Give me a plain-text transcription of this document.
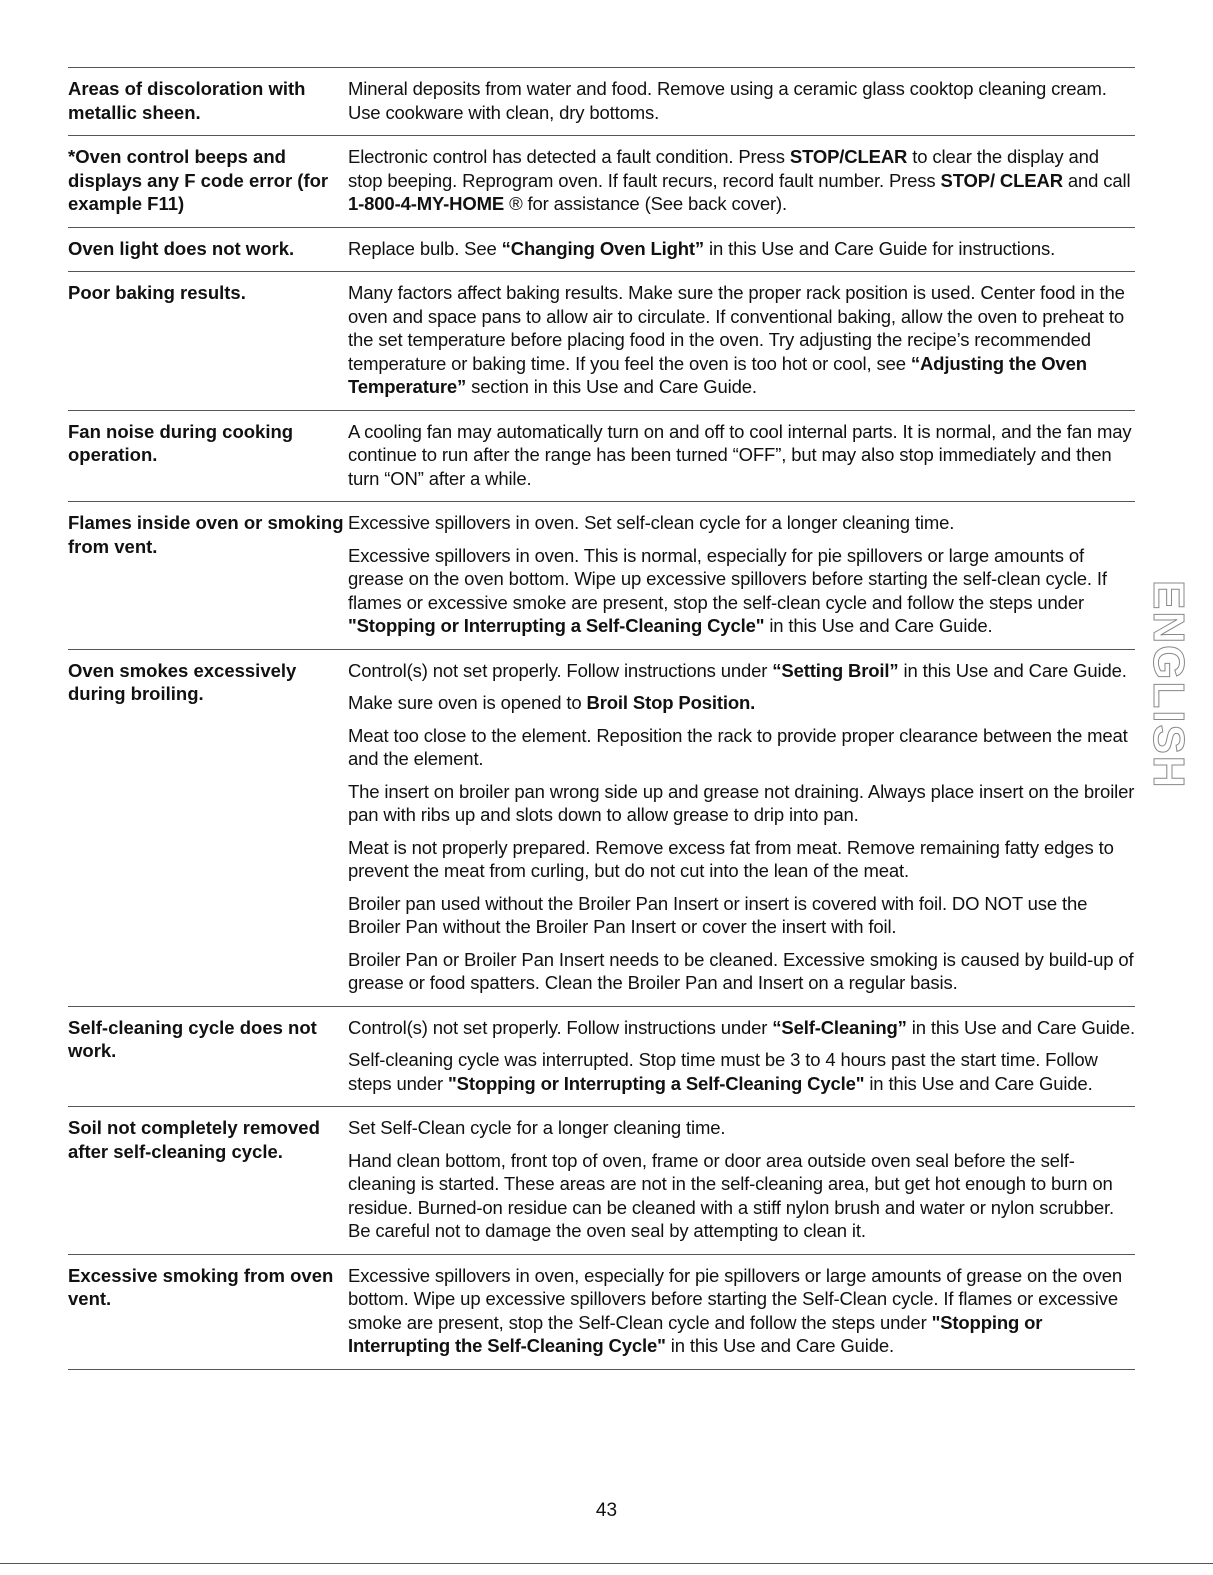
Areas of discoloration with metallic sheen.
Mineral deposits from water and food. Remove using a ceramic glass cooktop cleaning cream. Use cookware with clean, dry bottoms.
*Oven control beeps and displays any F code error (for example F11)
Electronic control has detected a fault condition. Press STOP/CLEAR to clear the display and stop beeping. Reprogram oven. If fault recurs, record fault number. Press STOP/ CLEAR and call 1-800-4-MY-HOME ® for assistance (See back cover).
Oven light does not work.	Replace bulb. See “Changing Oven Light” in this Use and Care Guide for instructions.
Poor baking results.	Many factors affect baking results. Make sure the proper rack position is used. Center food in the oven and space pans to allow air to circulate. If conventional baking, allow the oven to preheat to the set temperature before placing food in the oven. Try adjusting the recipe’s recommended temperature or baking time. If you feel the oven is too hot or cool, see “Adjusting the Oven Temperature” section in this Use and Care Guide.
Fan noise during cooking operation.
A cooling fan may automatically turn on and off to cool internal parts. It is normal, and the fan may continue to run after the range has been turned “OFF”, but may also stop immediately and then turn “ON” after a while.
Flames inside oven or smoking from vent.
Excessive spillovers in oven. Set self-clean cycle for a longer cleaning time.
Excessive spillovers in oven. This is normal, especially for pie spillovers or large amounts of grease on the oven bottom. Wipe up excessive spillovers before starting the self-clean cycle. If flames or excessive smoke are present, stop the self-clean cycle and follow the steps under "Stopping or Interrupting a Self-Cleaning Cycle" in this Use and Care Guide.
Oven smokes excessively during broiling.
Control(s) not set properly. Follow instructions under “Setting Broil” in this Use and Care Guide.
Make sure oven is opened to Broil Stop Position.
Meat too close to the element. Reposition the rack to provide proper clearance between the meat and the element.
The insert on broiler pan wrong side up and grease not draining. Always place insert on the broiler pan with ribs up and slots down to allow grease to drip into pan.
Meat is not properly prepared. Remove excess fat from meat. Remove remaining fatty edges to prevent the meat from curling, but do not cut into the lean of the meat.
Broiler pan used without the Broiler Pan Insert or insert is covered with foil. DO NOT use the Broiler Pan without the Broiler Pan Insert or cover the insert with foil.
Broiler Pan or Broiler Pan Insert needs to be cleaned. Excessive smoking is caused by build-up of grease or food spatters. Clean the Broiler Pan and Insert on a regular basis.
Self-cleaning cycle does not work.
Control(s) not set properly. Follow instructions under “Self-Cleaning” in this Use and Care Guide.
Self-cleaning cycle was interrupted. Stop time must be 3 to 4 hours past the start time. Follow steps under "Stopping or Interrupting a Self-Cleaning Cycle" in this Use and Care Guide.
Soil not completely removed after self-cleaning cycle.
Set Self-Clean cycle for a longer cleaning time.
Hand clean bottom, front top of oven, frame or door area outside oven seal before the self-cleaning is started. These areas are not in the self-cleaning area, but get hot enough to burn on residue. Burned-on residue can be cleaned with a stiff nylon brush and water or nylon scrubber. Be careful not to damage the oven seal by attempting to clean it.
Excessive smoking from oven vent.
Excessive spillovers in oven, especially for pie spillovers or large amounts of grease on the oven bottom. Wipe up excessive spillovers before starting the Self-Clean cycle. If flames or excessive smoke are present, stop the Self-Clean cycle and follow the steps under "Stopping or Interrupting the Self-Cleaning Cycle" in this Use and Care Guide.
ENGLISH
43
